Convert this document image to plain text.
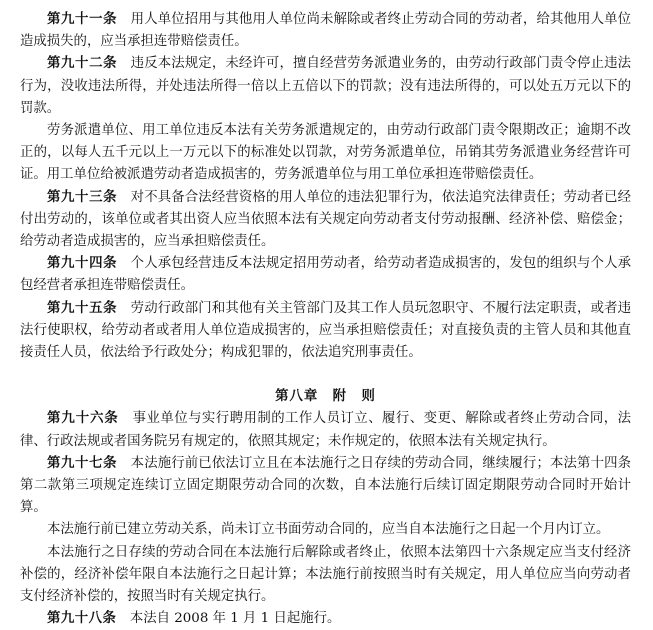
第九十一条　 用人单位招用与其他用人单位尚未解除或者终止劳动合同的劳动者，给其他用人单位造成损失的，应当承担连带赔偿责任。

第九十二条　 违反本法规定，未经许可，擅自经营劳务派遣业务的，由劳动行政部门责令停止违法行为，没收违法所得，并处违法所得一倍以上五倍以下的罚款；没有违法所得的，可以处五万元以下的罚款。

劳务派遣单位、用工单位违反本法有关劳务派遣规定的，由劳动行政部门责令限期改正；逾期不改正的，以每人五千元以上一万元以下的标准处以罚款，对劳务派遣单位，吊销其劳务派遣业务经营许可证。用工单位给被派遣劳动者造成损害的，劳务派遣单位与用工单位承担连带赔偿责任。

第九十三条　 对不具备合法经营资格的用人单位的违法犯罪行为，依法追究法律责任；劳动者已经付出劳动的，该单位或者其出资人应当依照本法有关规定向劳动者支付劳动报酬、经济补偿、赔偿金；给劳动者造成损害的，应当承担赔偿责任。

第九十四条　 个人承包经营违反本法规定招用劳动者，给劳动者造成损害的，发包的组织与个人承包经营者承担连带赔偿责任。

第九十五条　 劳动行政部门和其他有关主管部门及其工作人员玩忽职守、不履行法定职责，或者违法行使职权，给劳动者或者用人单位造成损害的，应当承担赔偿责任；对直接负责的主管人员和其他直接责任人员，依法给予行政处分；构成犯罪的，依法追究刑事责任。

第八章　附　则

第九十六条　 事业单位与实行聘用制的工作人员订立、履行、变更、解除或者终止劳动合同，法律、行政法规或者国务院另有规定的，依照其规定；未作规定的，依照本法有关规定执行。

第九十七条　 本法施行前已依法订立且在本法施行之日存续的劳动合同，继续履行；本法第十四条　第二款第三项规定连续订立固定期限劳动合同的次数，自本法施行后续订固定期限劳动合同时开始计算。

本法施行前已建立劳动关系，尚未订立书面劳动合同的，应当自本法施行之日起一个月内订立。

本法施行之日存续的劳动合同在本法施行后解除或者终止，依照本法第四十六条规定应当支付经济补偿的，经济补偿年限自本法施行之日起计算；本法施行前按照当时有关规定，用人单位应当向劳动者支付经济补偿的，按照当时有关规定执行。

第九十八条　 本法自 2008 年 1 月 1 日起施行。
